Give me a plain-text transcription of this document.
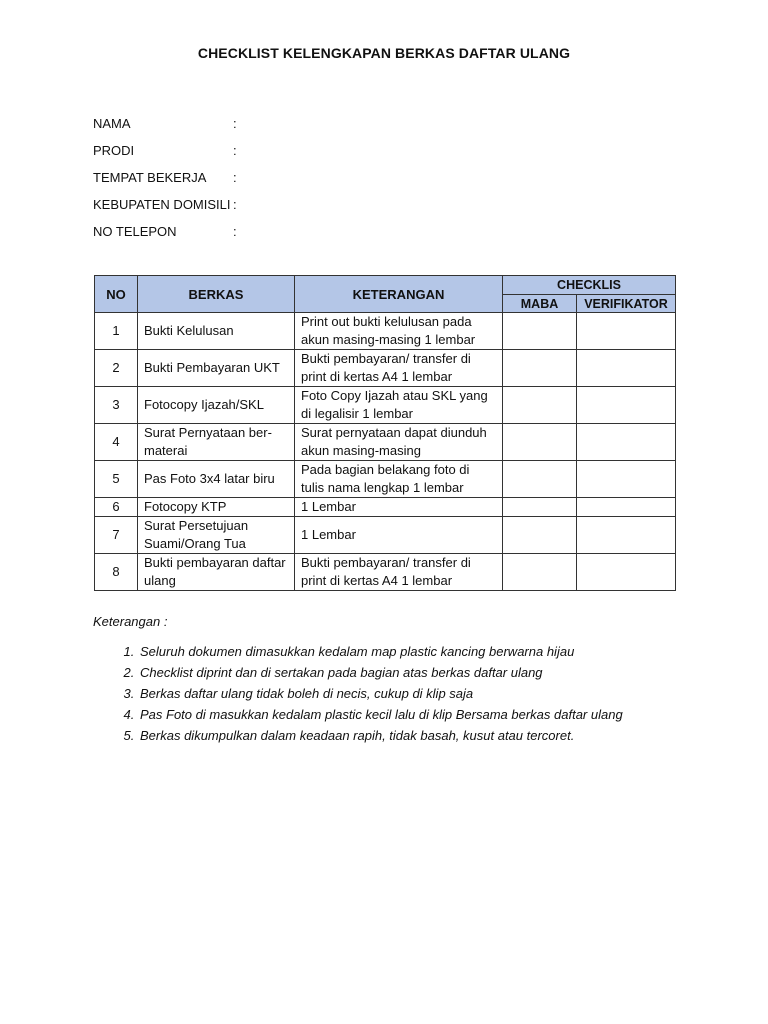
CHECKLIST KELENGKAPAN BERKAS DAFTAR ULANG
NAMA	:
PRODI	:
TEMPAT BEKERJA	:
KEBUPATEN DOMISILI :
NO TELEPON	:
NO	BERKAS	KETERANGAN	CHECKLIS	
			MABA	VERIFIKATOR
1	Bukti Kelulusan	Print out bukti kelulusan pada akun masing-masing 1 lembar		
2	Bukti Pembayaran UKT	Bukti pembayaran/ transfer di print di kertas A4 1 lembar		
3	Fotocopy Ijazah/SKL	Foto Copy Ijazah atau SKL yang di legalisir 1 lembar		
4	Surat Pernyataan ber-materai	Surat pernyataan dapat diunduh akun masing-masing		
5	Pas Foto 3x4 latar biru	Pada bagian belakang foto di tulis nama lengkap 1 lembar		
6	Fotocopy KTP	1 Lembar		
7	Surat Persetujuan Suami/Orang Tua	1 Lembar		
8	Bukti pembayaran daftar ulang	Bukti pembayaran/ transfer di print di kertas A4 1 lembar		
Keterangan :
1. Seluruh dokumen dimasukkan kedalam map plastic kancing berwarna hijau
2. Checklist diprint dan di sertakan pada bagian atas berkas daftar ulang
3. Berkas daftar ulang tidak boleh di necis, cukup di klip saja
4. Pas Foto di masukkan kedalam plastic kecil lalu di klip Bersama berkas daftar ulang
5. Berkas dikumpulkan dalam keadaan rapih, tidak basah, kusut atau tercoret.
